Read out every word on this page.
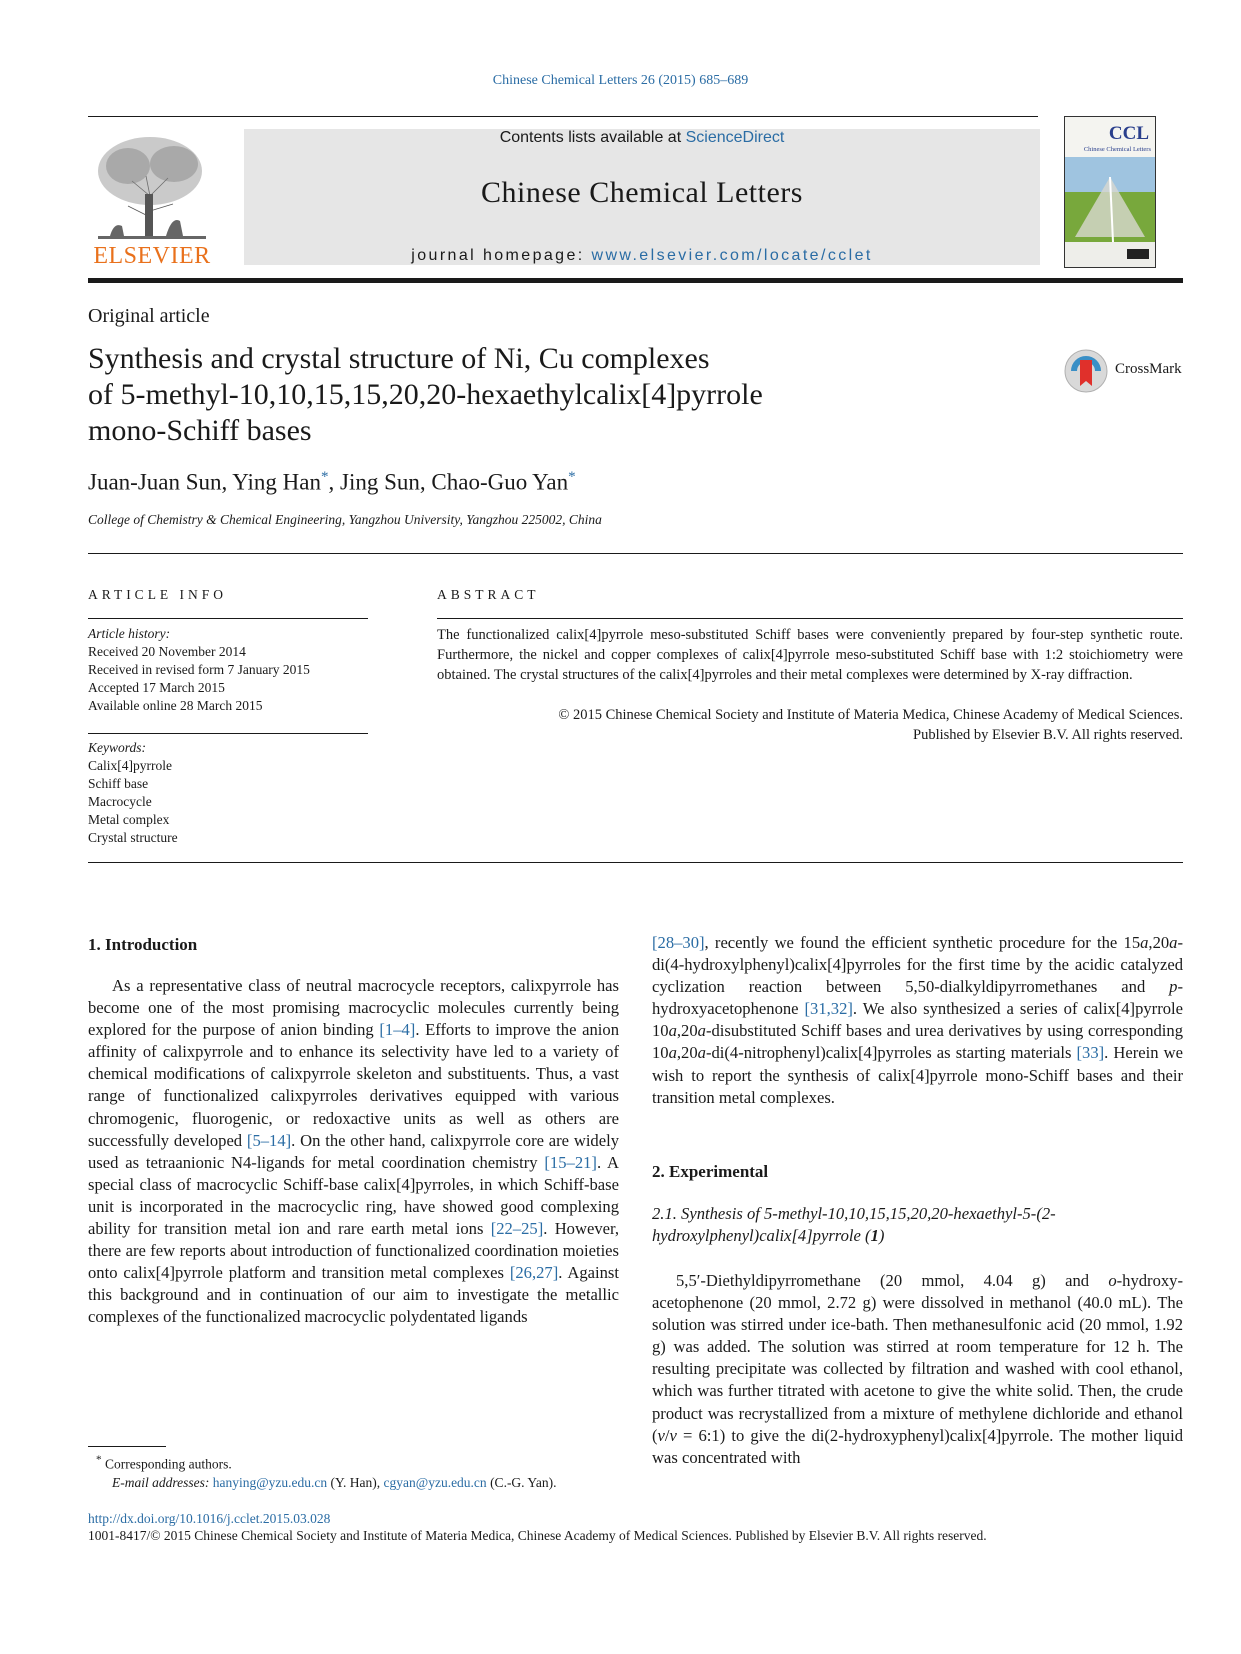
Chinese Chemical Letters 26 (2015) 685–689
ELSEVIER
Contents lists available at ScienceDirect
Chinese Chemical Letters
journal homepage: www.elsevier.com/locate/cclet
CCL
Chinese Chemical Letters
Original article
Synthesis and crystal structure of Ni, Cu complexes
of 5-methyl-10,10,15,15,20,20-hexaethylcalix[4]pyrrole
mono-Schiff bases
CrossMark
Juan-Juan Sun, Ying Han*, Jing Sun, Chao-Guo Yan*
College of Chemistry & Chemical Engineering, Yangzhou University, Yangzhou 225002, China
ARTICLE INFO	ABSTRACT
Article history:
Received 20 November 2014
Received in revised form 7 January 2015
Accepted 17 March 2015
Available online 28 March 2015
Keywords:
Calix[4]pyrrole
Schiff base
Macrocycle
Metal complex
Crystal structure
The functionalized calix[4]pyrrole meso-substituted Schiff bases were conveniently prepared by four-step synthetic route. Furthermore, the nickel and copper complexes of calix[4]pyrrole meso-substituted Schiff base with 1:2 stoichiometry were obtained. The crystal structures of the calix[4]pyrroles and their metal complexes were determined by X-ray diffraction.
© 2015 Chinese Chemical Society and Institute of Materia Medica, Chinese Academy of Medical Sciences.
Published by Elsevier B.V. All rights reserved.
1. Introduction

As a representative class of neutral macrocycle receptors, calixpyrrole has become one of the most promising macrocyclic molecules currently being explored for the purpose of anion binding [1–4]. Efforts to improve the anion affinity of calixpyrrole and to enhance its selectivity have led to a variety of chemical modifications of calixpyrrole skeleton and substituents. Thus, a vast range of functionalized calixpyrroles derivatives equipped with various chromogenic, fluorogenic, or redoxactive units as well as others are successfully developed [5–14]. On the other hand, calixpyrrole core are widely used as tetraanionic N4-ligands for metal coordination chemistry [15–21]. A special class of macrocyclic Schiff-base calix[4]pyrroles, in which Schiff-base unit is incorporated in the macrocyclic ring, have showed good complexing ability for transition metal ion and rare earth metal ions [22–25]. However, there are few reports about introduction of functionalized coordination moieties onto calix[4]pyrrole platform and transition metal complexes [26,27]. Against this background and in continuation of our aim to investigate the metallic complexes of the functionalized macrocyclic polydentated ligands

[28–30], recently we found the efficient synthetic procedure for the 15a,20a-di(4-hydroxylphenyl)calix[4]pyrroles for the first time by the acidic catalyzed cyclization reaction between 5,50-dialkyldipyrromethanes and p-hydroxyacetophenone [31,32]. We also synthesized a series of calix[4]pyrrole 10a,20a-disubstituted Schiff bases and urea derivatives by using corresponding 10a,20a-di(4-nitrophenyl)calix[4]pyrroles as starting materials [33]. Herein we wish to report the synthesis of calix[4]pyrrole mono-Schiff bases and their transition metal complexes.

2. Experimental
2.1. Synthesis of 5-methyl-10,10,15,15,20,20-hexaethyl-5-(2-hydroxylphenyl)calix[4]pyrrole (1)

5,5′-Diethyldipyrromethane (20 mmol, 4.04 g) and o-hydroxy-acetophenone (20 mmol, 2.72 g) were dissolved in methanol (40.0 mL). The solution was stirred under ice-bath. Then methanesulfonic acid (20 mmol, 1.92 g) was added. The solution was stirred at room temperature for 12 h. The resulting precipitate was collected by filtration and washed with cool ethanol, which was further titrated with acetone to give the white solid. Then, the crude product was recrystallized from a mixture of methylene dichloride and ethanol (v/v = 6:1) to give the di(2-hydroxyphenyl)calix[4]pyrrole. The mother liquid was concentrated with

* Corresponding authors.
E-mail addresses: hanying@yzu.edu.cn (Y. Han), cgyan@yzu.edu.cn (C.-G. Yan).
http://dx.doi.org/10.1016/j.cclet.2015.03.028
1001-8417/© 2015 Chinese Chemical Society and Institute of Materia Medica, Chinese Academy of Medical Sciences. Published by Elsevier B.V. All rights reserved.
